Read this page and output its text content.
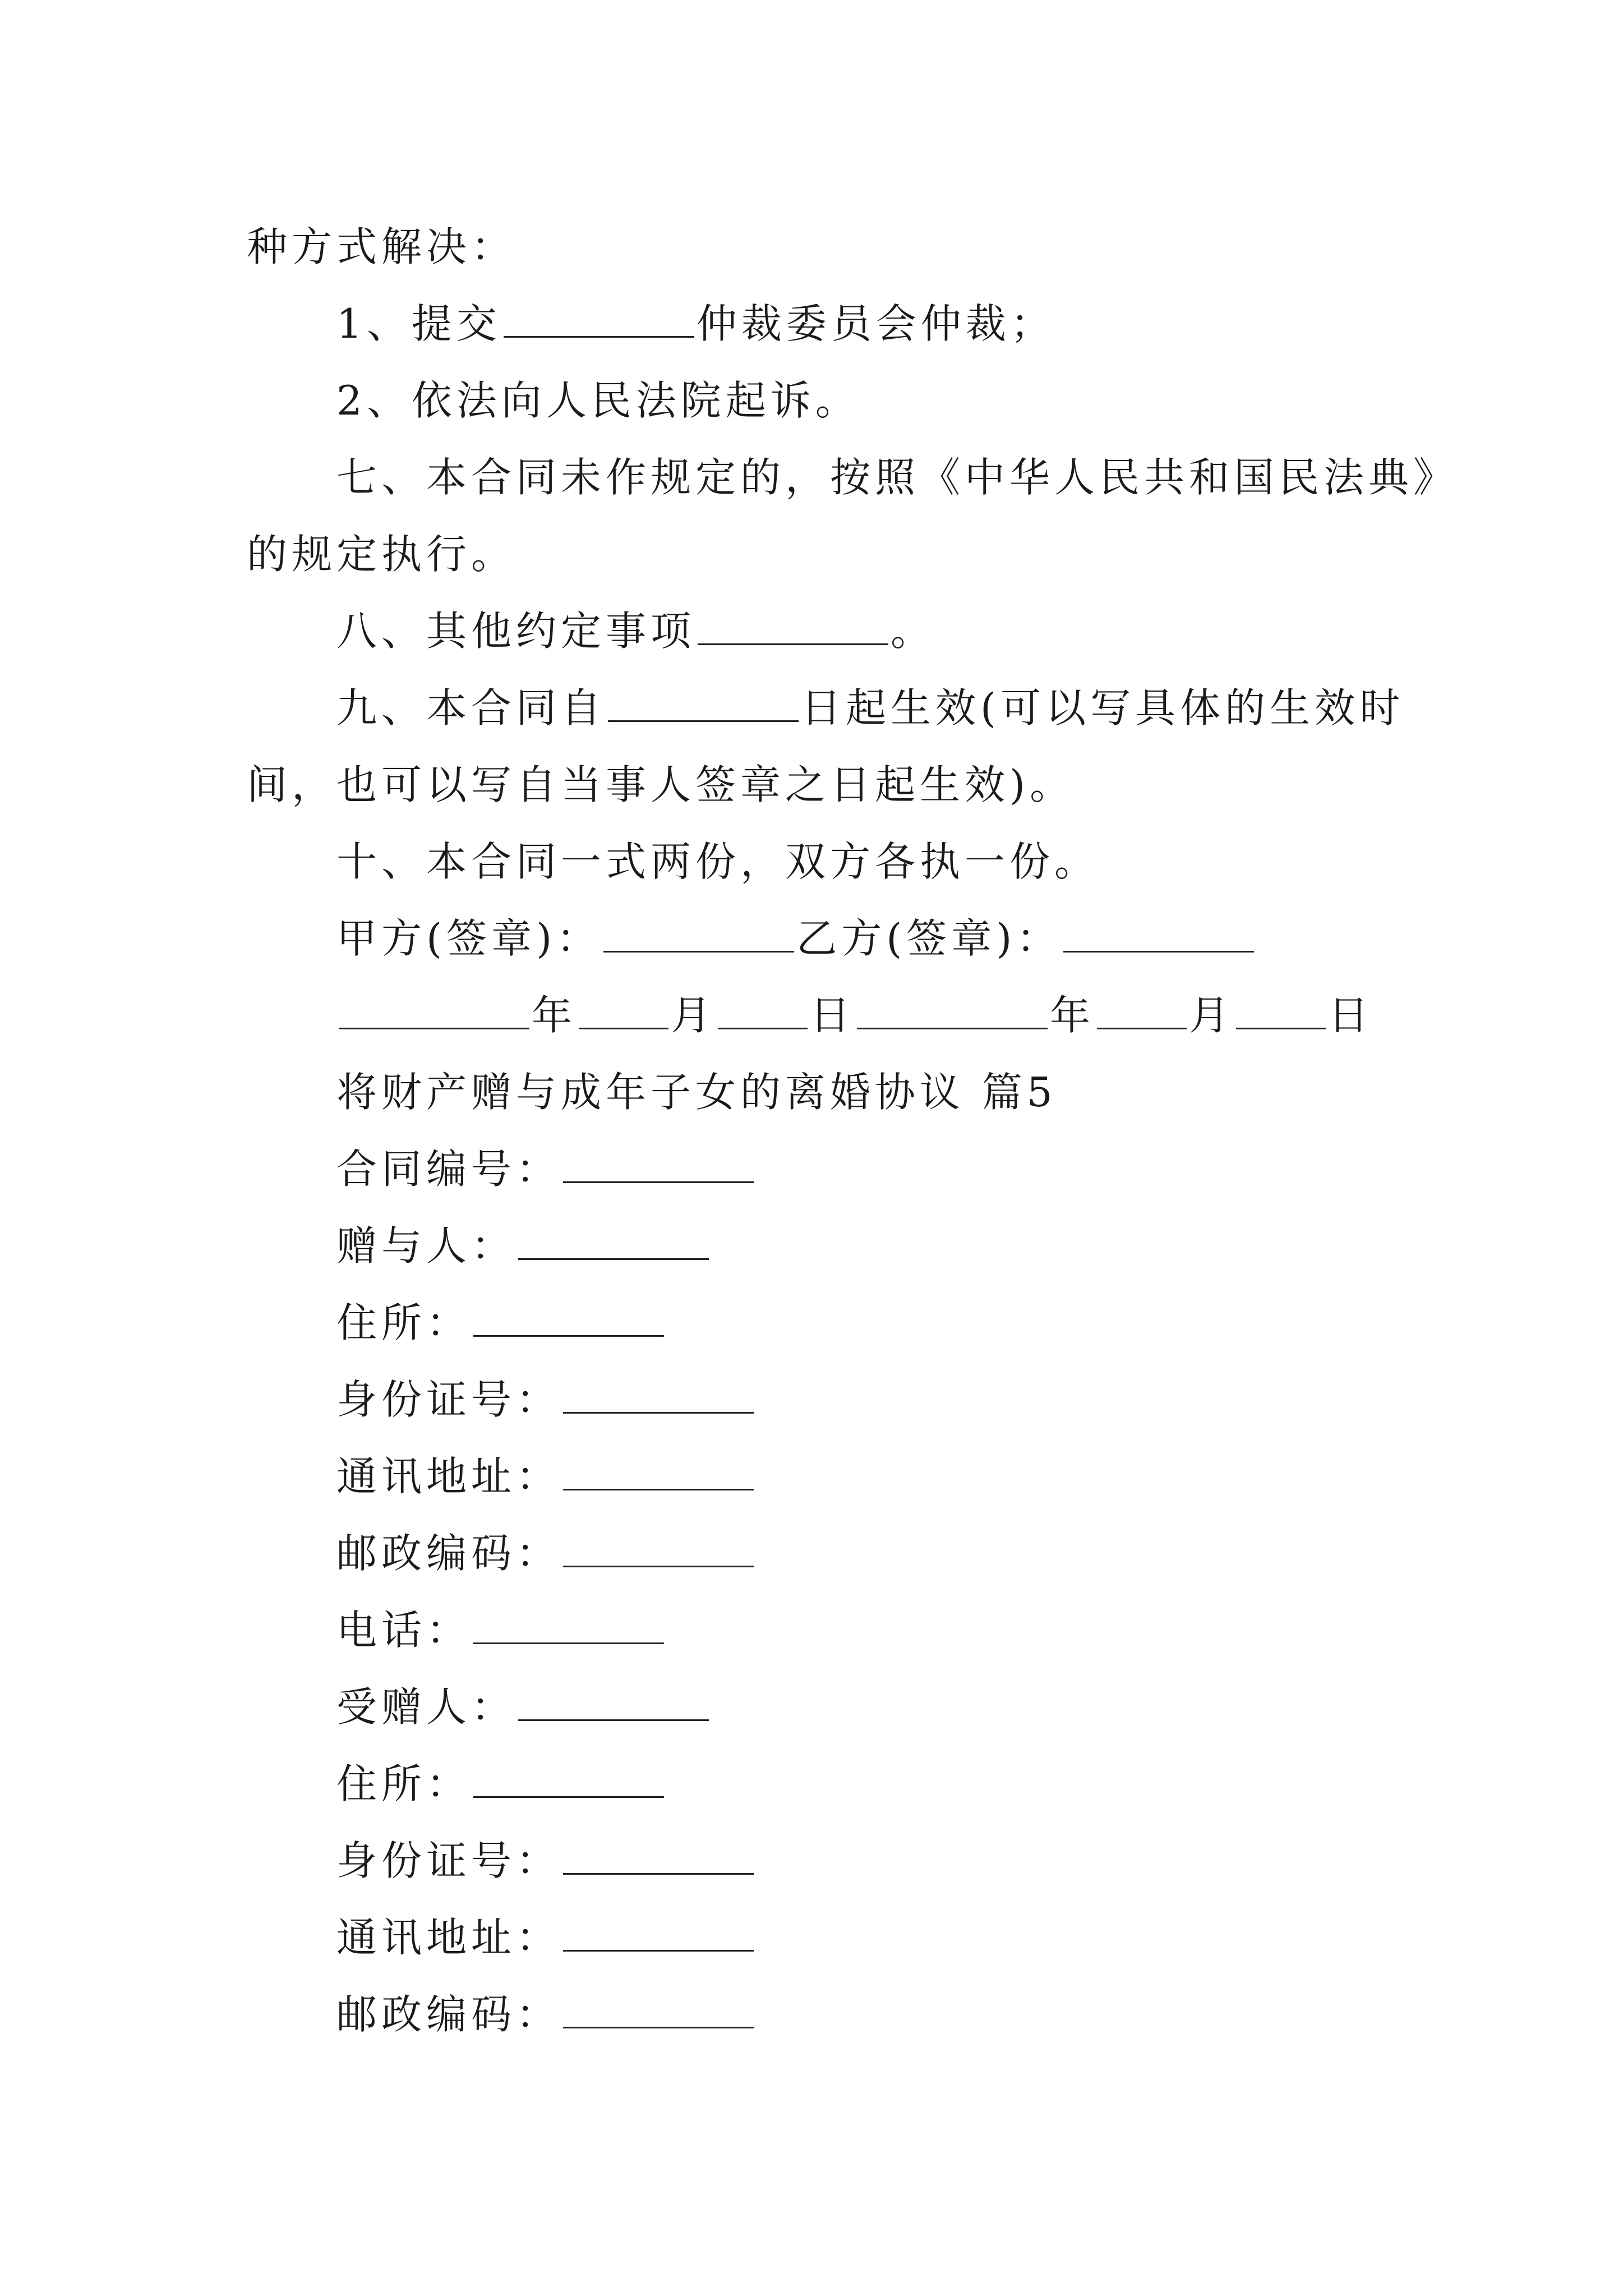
种方式解决：
1、提交	仲裁委员会仲裁；
2、依法向人民法院起诉。
七、本合同未作规定的，按照《中华人民共和国民法典》
的规定执行。
八、其他约定事项	。
九、本合同自	日起生效(可以写具体的生效时
间，也可以写自当事人签章之日起生效)。
十、本合同一式两份，双方各执一份。
甲方(签章)：	乙方(签章)：
年 月 日	年 月 日
将财产赠与成年子女的离婚协议 篇5
合同编号：
赠与人：
住所：
身份证号：
通讯地址：
邮政编码：
电话：
受赠人：
住所：
身份证号：
通讯地址：
邮政编码：
